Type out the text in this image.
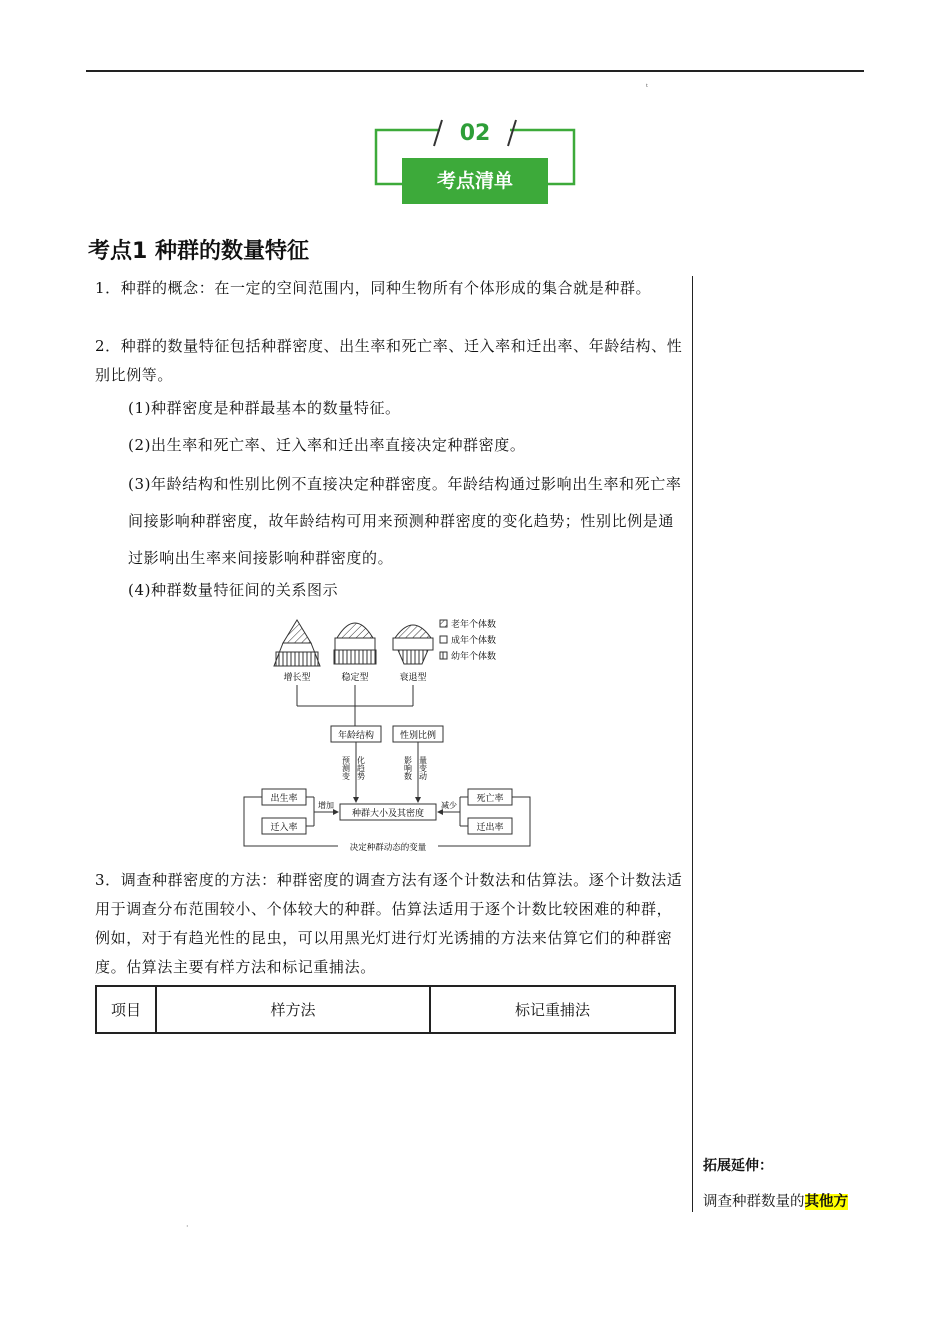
ₜ
02
考点清单
考点1 种群的数量特征
1．种群的概念：在一定的空间范围内，同种生物所有个体形成的集合就是种群。
2．种群的数量特征包括种群密度、出生率和死亡率、迁入率和迁出率、年龄结构、性别比例等。
(1)种群密度是种群最基本的数量特征。
(2)出生率和死亡率、迁入率和迁出率直接决定种群密度。
(3)年龄结构和性别比例不直接决定种群密度。年龄结构通过影响出生率和死亡率间接影响种群密度，故年龄结构可用来预测种群密度的变化趋势；性别比例是通过影响出生率来间接影响种群密度的。
(4)种群数量特征间的关系图示
增长型	稳定型	衰退型
老年个体数
成年个体数
幼年个体数
年龄结构	性别比例
预测变 化趋势	影响数 量变动
种群大小及其密度
出生率
迁入率
增加
死亡率
迁出率
减少
决定种群动态的变量
3．调查种群密度的方法：种群密度的调查方法有逐个计数法和估算法。逐个计数法适用于调查分布范围较小、个体较大的种群。估算法适用于逐个计数比较困难的种群，例如，对于有趋光性的昆虫，可以用黑光灯进行灯光诱捕的方法来估算它们的种群密度。估算法主要有样方法和标记重捕法。
项目	样方法	标记重捕法
拓展延伸：
调查种群数量的其他方
·
